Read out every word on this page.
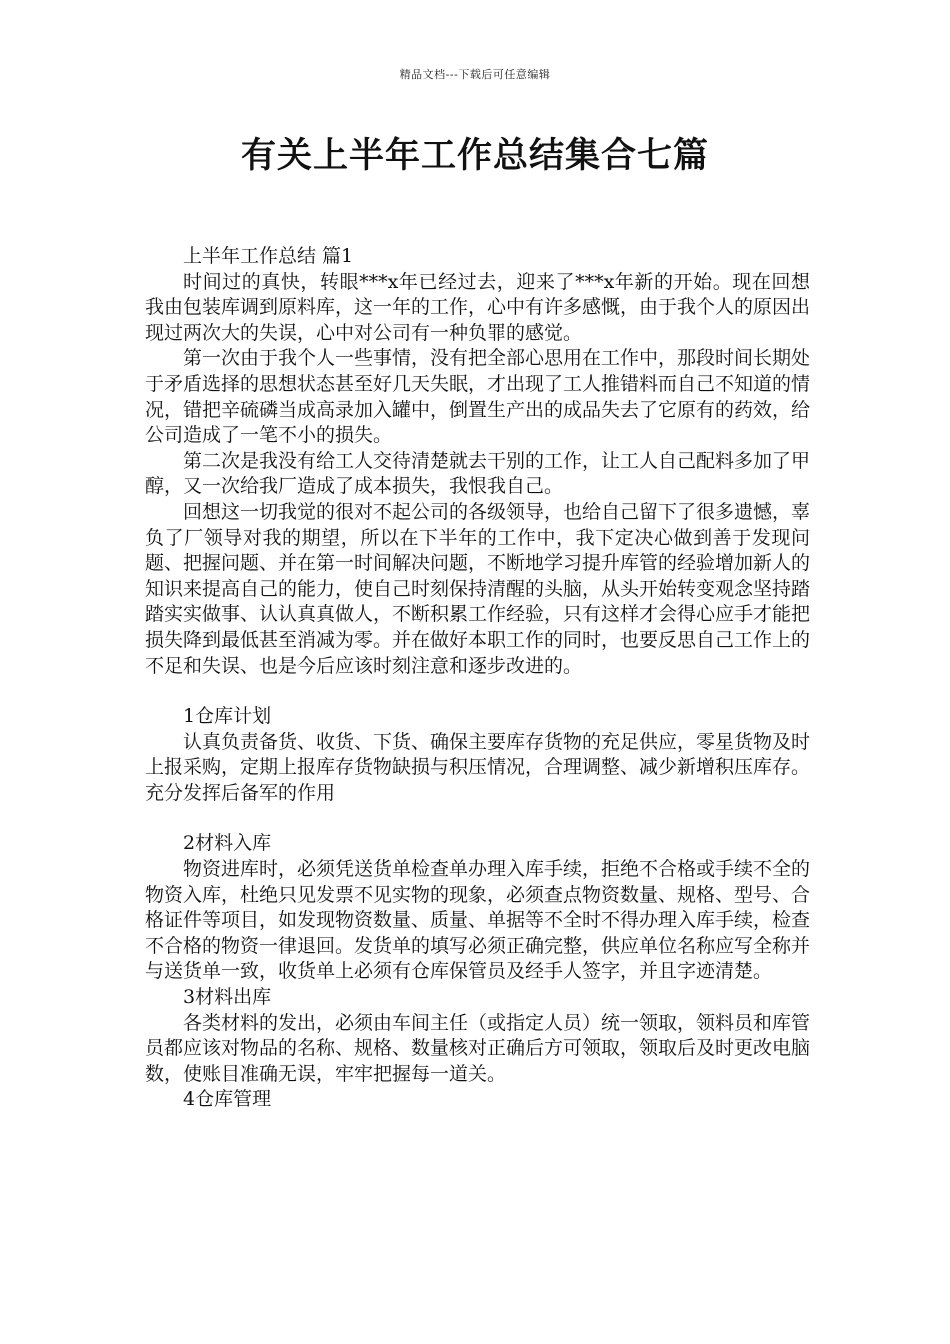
精品文档---下载后可任意编辑
有关上半年工作总结集合七篇

上半年工作总结 篇1

时间过的真快，转眼***x年已经过去，迎来了***x年新的开始。现在回想我由包装库调到原料库，这一年的工作，心中有许多感慨，由于我个人的原因出现过两次大的失误，心中对公司有一种负罪的感觉。

第一次由于我个人一些事情，没有把全部心思用在工作中，那段时间长期处于矛盾选择的思想状态甚至好几天失眠，才出现了工人推错料而自己不知道的情况，错把辛硫磷当成高录加入罐中，倒置生产出的成品失去了它原有的药效，给公司造成了一笔不小的损失。

第二次是我没有给工人交待清楚就去干别的工作，让工人自己配料多加了甲醇，又一次给我厂造成了成本损失，我恨我自己。

回想这一切我觉的很对不起公司的各级领导，也给自己留下了很多遗憾，辜负了厂领导对我的期望，所以在下半年的工作中，我下定决心做到善于发现问题、把握问题、并在第一时间解决问题，不断地学习提升库管的经验增加新人的知识来提高自己的能力，使自己时刻保持清醒的头脑，从头开始转变观念坚持踏踏实实做事、认认真真做人，不断积累工作经验，只有这样才会得心应手才能把损失降到最低甚至消减为零。并在做好本职工作的同时，也要反思自己工作上的不足和失误、也是今后应该时刻注意和逐步改进的。

1仓库计划

认真负责备货、收货、下货、确保主要库存货物的充足供应，零星货物及时上报采购，定期上报库存货物缺损与积压情况，合理调整、减少新增积压库存。充分发挥后备军的作用

2材料入库

物资进库时，必须凭送货单检查单办理入库手续，拒绝不合格或手续不全的物资入库，杜绝只见发票不见实物的现象，必须查点物资数量、规格、型号、合格证件等项目，如发现物资数量、质量、单据等不全时不得办理入库手续，检查不合格的物资一律退回。发货单的填写必须正确完整，供应单位名称应写全称并与送货单一致，收货单上必须有仓库保管员及经手人签字，并且字迹清楚。

3材料出库

各类材料的发出，必须由车间主任（或指定人员）统一领取，领料员和库管员都应该对物品的名称、规格、数量核对正确后方可领取，领取后及时更改电脑数，使账目准确无误，牢牢把握每一道关。

4仓库管理
